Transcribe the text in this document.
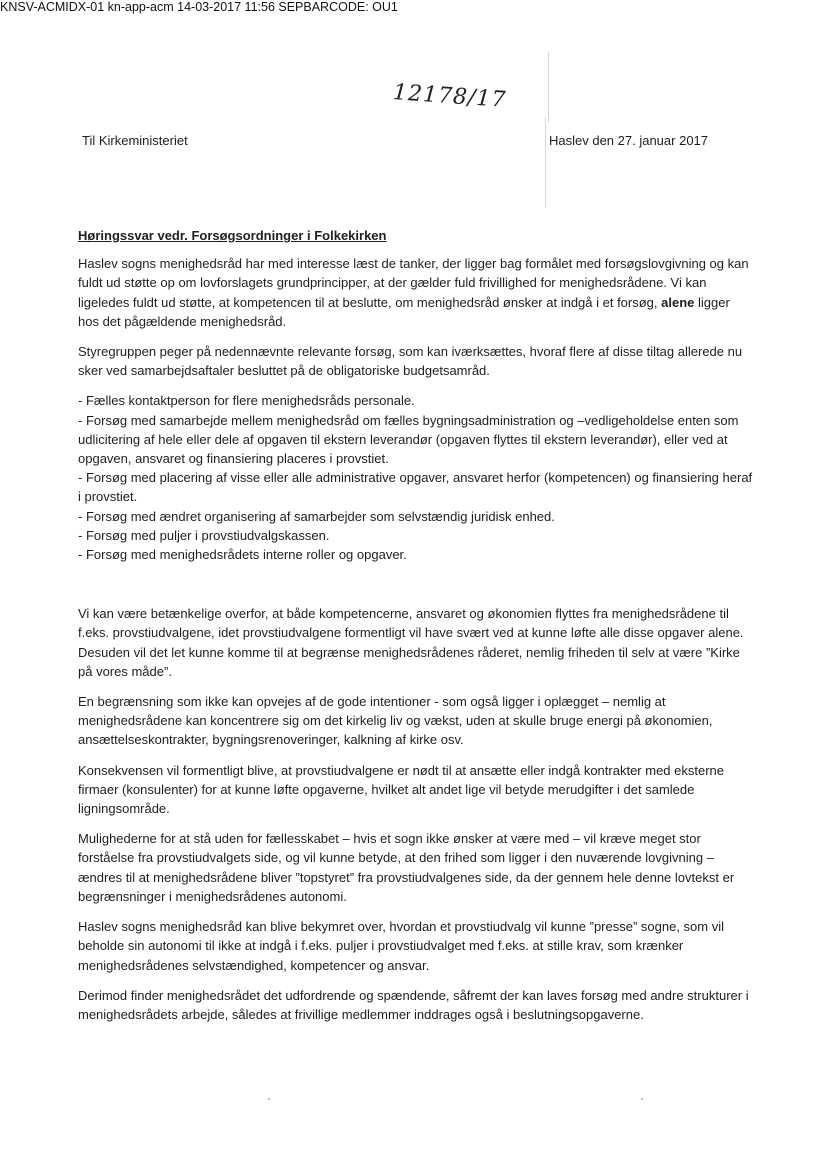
KNSV-ACMIDX-01 kn-app-acm 14-03-2017 11:56 SEPBARCODE: OU1
12178/17
Til Kirkeministeriet	Haslev den 27. januar 2017
Høringssvar vedr. Forsøgsordninger i Folkekirken

Haslev sogns menighedsråd har med interesse læst de tanker, der ligger bag formålet med forsøgslovgivning og kan fuldt ud støtte op om lovforslagets grundprincipper, at der gælder fuld frivillighed for menighedsrådene. Vi kan ligeledes fuldt ud støtte, at kompetencen til at beslutte, om menighedsråd ønsker at indgå i et forsøg, alene ligger hos det pågældende menighedsråd.

Styregruppen peger på nedennævnte relevante forsøg, som kan iværksættes, hvoraf flere af disse tiltag allerede nu sker ved samarbejdsaftaler besluttet på de obligatoriske budgetsamråd.

- Fælles kontaktperson for flere menighedsråds personale.
- Forsøg med samarbejde mellem menighedsråd om fælles bygningsadministration og –vedligeholdelse enten som udlicitering af hele eller dele af opgaven til ekstern leverandør (opgaven flyttes til ekstern leverandør), eller ved at opgaven, ansvaret og finansiering placeres i provstiet.
- Forsøg med placering af visse eller alle administrative opgaver, ansvaret herfor (kompetencen) og finansiering heraf i provstiet.
- Forsøg med ændret organisering af samarbejder som selvstændig juridisk enhed.
- Forsøg med puljer i provstiudvalgskassen.
- Forsøg med menighedsrådets interne roller og opgaver.

Vi kan være betænkelige overfor, at både kompetencerne, ansvaret og økonomien flyttes fra menighedsrådene til f.eks. provstiudvalgene, idet provstiudvalgene formentligt vil have svært ved at kunne løfte alle disse opgaver alene. Desuden vil det let kunne komme til at begrænse menighedsrådenes råderet, nemlig friheden til selv at være ”Kirke på vores måde”.

En begrænsning som ikke kan opvejes af de gode intentioner - som også ligger i oplægget – nemlig at menighedsrådene kan koncentrere sig om det kirkelig liv og vækst, uden at skulle bruge energi på økonomien, ansættelseskontrakter, bygningsrenoveringer, kalkning af kirke osv.

Konsekvensen vil formentligt blive, at provstiudvalgene er nødt til at ansætte eller indgå kontrakter med eksterne firmaer (konsulenter) for at kunne løfte opgaverne, hvilket alt andet lige vil betyde merudgifter i det samlede ligningsområde.

Mulighederne for at stå uden for fællesskabet – hvis et sogn ikke ønsker at være med – vil kræve meget stor forståelse fra provstiudvalgets side, og vil kunne betyde, at den frihed som ligger i den nuværende lovgivning – ændres til at menighedsrådene bliver ”topstyret” fra provstiudvalgenes side, da der gennem hele denne lovtekst er begrænsninger i menighedsrådenes autonomi.

Haslev sogns menighedsråd kan blive bekymret over, hvordan et provstiudvalg vil kunne ”presse” sogne, som vil beholde sin autonomi til ikke at indgå i f.eks. puljer i provstiudvalget med f.eks. at stille krav, som krænker menighedsrådenes selvstændighed, kompetencer og ansvar.

Derimod finder menighedsrådet det udfordrende og spændende, såfremt der kan laves forsøg med andre strukturer i menighedsrådets arbejde, således at frivillige medlemmer inddrages også i beslutningsopgaverne.
